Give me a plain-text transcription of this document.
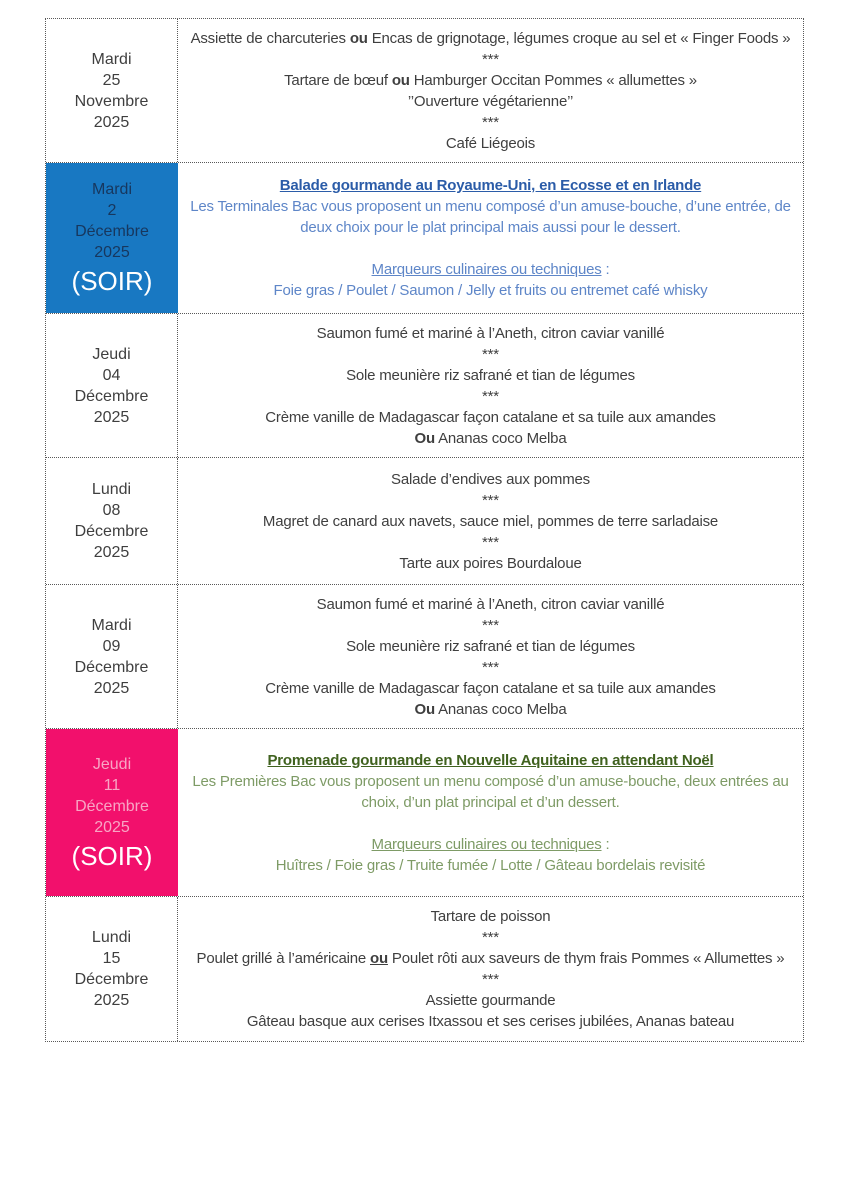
Mardi
25
Novembre
2025
Assiette de charcuteries ou Encas de grignotage, légumes croque au sel et « Finger Foods »
***
Tartare de bœuf ou Hamburger Occitan Pommes « allumettes »
’’Ouverture végétarienne’’
***
Café Liégeois
Mardi
2
Décembre
2025
(SOIR)
Balade gourmande au Royaume-Uni, en Ecosse et en Irlande
Les Terminales Bac vous proposent un menu composé d’un amuse-bouche, d’une entrée, de
deux choix pour le plat principal mais aussi pour le dessert.

Marqueurs culinaires ou techniques :
Foie gras / Poulet / Saumon / Jelly et fruits ou entremet café whisky
Jeudi
04
Décembre
2025
Saumon fumé et mariné à l’Aneth, citron caviar vanillé
***
Sole meunière riz safrané et tian de légumes
***
Crème vanille de Madagascar façon catalane et sa tuile aux amandes
Ou Ananas coco Melba
Lundi
08
Décembre
2025
Salade d’endives aux pommes
***
Magret de canard aux navets, sauce miel, pommes de terre sarladaise
***
Tarte aux poires Bourdaloue
Mardi
09
Décembre
2025
Saumon fumé et mariné à l’Aneth, citron caviar vanillé
***
Sole meunière riz safrané et tian de légumes
***
Crème vanille de Madagascar façon catalane et sa tuile aux amandes
Ou Ananas coco Melba
Jeudi
11
Décembre
2025
(SOIR)
Promenade gourmande en Nouvelle Aquitaine en attendant Noël
Les Premières Bac vous proposent un menu composé d’un amuse-bouche, deux entrées au
choix, d’un plat principal et d’un dessert.

Marqueurs culinaires ou techniques :
Huîtres / Foie gras / Truite fumée / Lotte / Gâteau bordelais revisité
Lundi
15
Décembre
2025
Tartare de poisson
***
Poulet grillé à l’américaine ou Poulet rôti aux saveurs de thym frais Pommes « Allumettes »
***
Assiette gourmande
Gâteau basque aux cerises Itxassou et ses cerises jubilées, Ananas bateau
